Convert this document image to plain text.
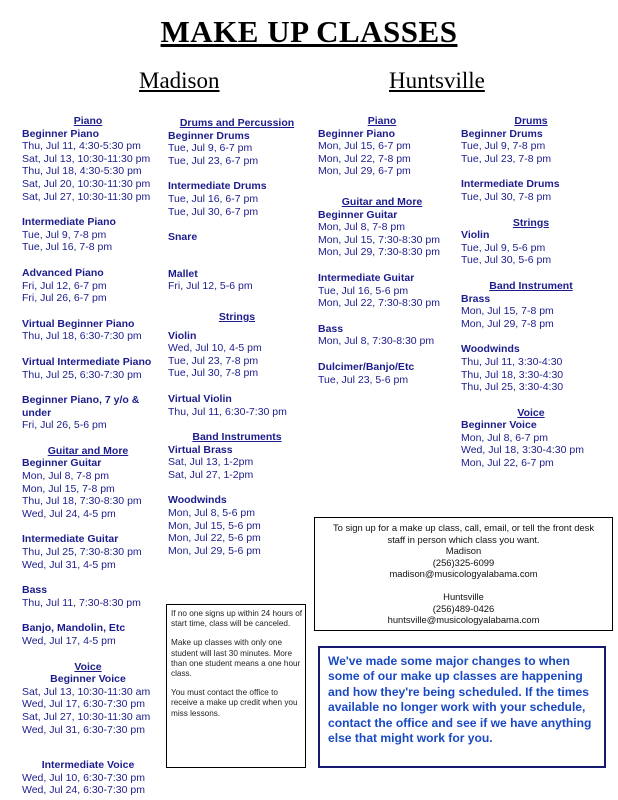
MAKE UP CLASSES
Madison	Huntsville
Piano
Beginner Piano
Thu, Jul 11, 4:30-5:30 pm
Sat, Jul 13, 10:30-11:30 pm
Thu, Jul 18, 4:30-5:30 pm
Sat, Jul 20, 10:30-11:30 pm
Sat, Jul 27, 10:30-11:30 pm
Intermediate Piano
Tue, Jul 9, 7-8 pm
Tue, Jul 16, 7-8 pm
Advanced Piano
Fri, Jul 12, 6-7 pm
Fri, Jul 26, 6-7 pm
Virtual Beginner Piano
Thu, Jul 18, 6:30-7:30 pm
Virtual Intermediate Piano
Thu, Jul 25, 6:30-7:30 pm
Beginner Piano, 7 y/o &
under
Fri, Jul 26, 5-6 pm
Guitar and More
Beginner Guitar
Mon, Jul 8, 7-8 pm
Mon, Jul 15, 7-8 pm
Thu, Jul 18, 7:30-8:30 pm
Wed, Jul 24, 4-5 pm
Intermediate Guitar
Thu, Jul 25, 7:30-8:30 pm
Wed, Jul 31, 4-5 pm
Bass
Thu, Jul 11, 7:30-8:30 pm
Banjo, Mandolin, Etc
Wed, Jul 17, 4-5 pm
Voice
Beginner Voice
Sat, Jul 13, 10:30-11:30 am
Wed, Jul 17, 6:30-7:30 pm
Sat, Jul 27, 10:30-11:30 am
Wed, Jul 31, 6:30-7:30 pm
Intermediate Voice
Wed, Jul 10, 6:30-7:30 pm
Wed, Jul 24, 6:30-7:30 pm
Drums and Percussion
Beginner Drums
Tue, Jul 9, 6-7 pm
Tue, Jul 23, 6-7 pm
Intermediate Drums
Tue, Jul 16, 6-7 pm
Tue, Jul 30, 6-7 pm
Snare
Mallet
Fri, Jul 12, 5-6 pm
Strings
Violin
Wed, Jul 10, 4-5 pm
Tue, Jul 23, 7-8 pm
Tue, Jul 30, 7-8 pm
Virtual Violin
Thu, Jul 11, 6:30-7:30 pm
Band Instruments
Virtual Brass
Sat, Jul 13, 1-2pm
Sat, Jul 27, 1-2pm
Woodwinds
Mon, Jul 8, 5-6 pm
Mon, Jul 15, 5-6 pm
Mon, Jul 22, 5-6 pm
Mon, Jul 29, 5-6 pm
Piano
Beginner Piano
Mon, Jul 15, 6-7 pm
Mon, Jul 22, 7-8 pm
Mon, Jul 29, 6-7 pm
Guitar and More
Beginner Guitar
Mon, Jul 8, 7-8 pm
Mon, Jul 15, 7:30-8:30 pm
Mon, Jul 29, 7:30-8:30 pm
Intermediate Guitar
Tue, Jul 16, 5-6 pm
Mon, Jul 22, 7:30-8:30 pm
Bass
Mon, Jul 8, 7:30-8:30 pm
Dulcimer/Banjo/Etc
Tue, Jul 23, 5-6 pm
Drums
Beginner Drums
Tue, Jul 9, 7-8 pm
Tue, Jul 23, 7-8 pm
Intermediate Drums
Tue, Jul 30, 7-8 pm
Strings
Violin
Tue, Jul 9, 5-6 pm
Tue, Jul 30, 5-6 pm
Band Instrument
Brass
Mon, Jul 15, 7-8 pm
Mon, Jul 29, 7-8 pm
Woodwinds
Thu, Jul 11, 3:30-4:30
Thu, Jul 18, 3:30-4:30
Thu, Jul 25, 3:30-4:30
Voice
Beginner Voice
Mon, Jul 8, 6-7 pm
Wed, Jul 18, 3:30-4:30 pm
Mon, Jul 22, 6-7 pm

If no one signs up within 24 hours of start time, class will be canceled.

Make up classes with only one student will last 30 minutes. More than one student means a one hour class.

You must contact the office to receive a make up credit when you miss lessons.

To sign up for a make up class, call, email, or tell the front desk staff in person which class you want.
Madison
(256)325-6099
madison@musicologyalabama.com
Huntsville
(256)489-0426
huntsville@musicologyalabama.com
We've made some major changes to when some of our make up classes are happening and how they're being scheduled. If the times available no longer work with your schedule, contact the office and see if we have anything else that might work for you.
